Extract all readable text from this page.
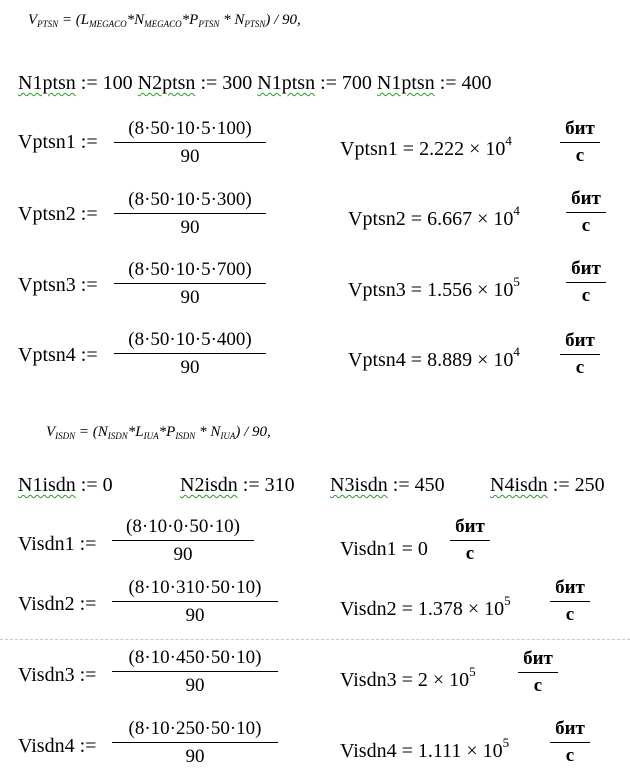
$V_{PTSN} = (L_{MEGACO}*N_{MEGACO}*P_{PTSN} * N_{PTSN}) / 90$,
N1ptsn := 100 N2ptsn := 300 N1ptsn := 700 N1ptsn := 400
Vptsn1 :=
(8·50·10·5·100)
90	Vptsn1 = $2.222 \times 10^4$
бит
с
Vptsn2 :=
(8·50·10·5·300)
90	Vptsn2 = $6.667 \times 10^4$
бит
с
Vptsn3 :=
(8·50·10·5·700)
90	Vptsn3 = $1.556 \times 10^5$
бит
с
Vptsn4 :=
(8·50·10·5·400)
90	Vptsn4 = $8.889 \times 10^4$
бит
с
$V_{ISDN} = (N_{ISDN}*L_{IUA}*P_{ISDN} * N_{IUA}) / 90$,
N1isdn := 0	N2isdn := 310 N3isdn := 450 N4isdn := 250
Visdn1 :=
(8·10·0·50·10)
90	Visdn1 = 0
бит
с
Visdn2 :=
(8·10·310·50·10)
90	Visdn2 = $1.378 \times 10^5$
бит
с
Visdn3 :=
(8·10·450·50·10)
90	Visdn3 = $2 \times 10^5$
бит
с
Visdn4 :=
(8·10·250·50·10)
90	Visdn4 = $1.111 \times 10^5$
бит
с
